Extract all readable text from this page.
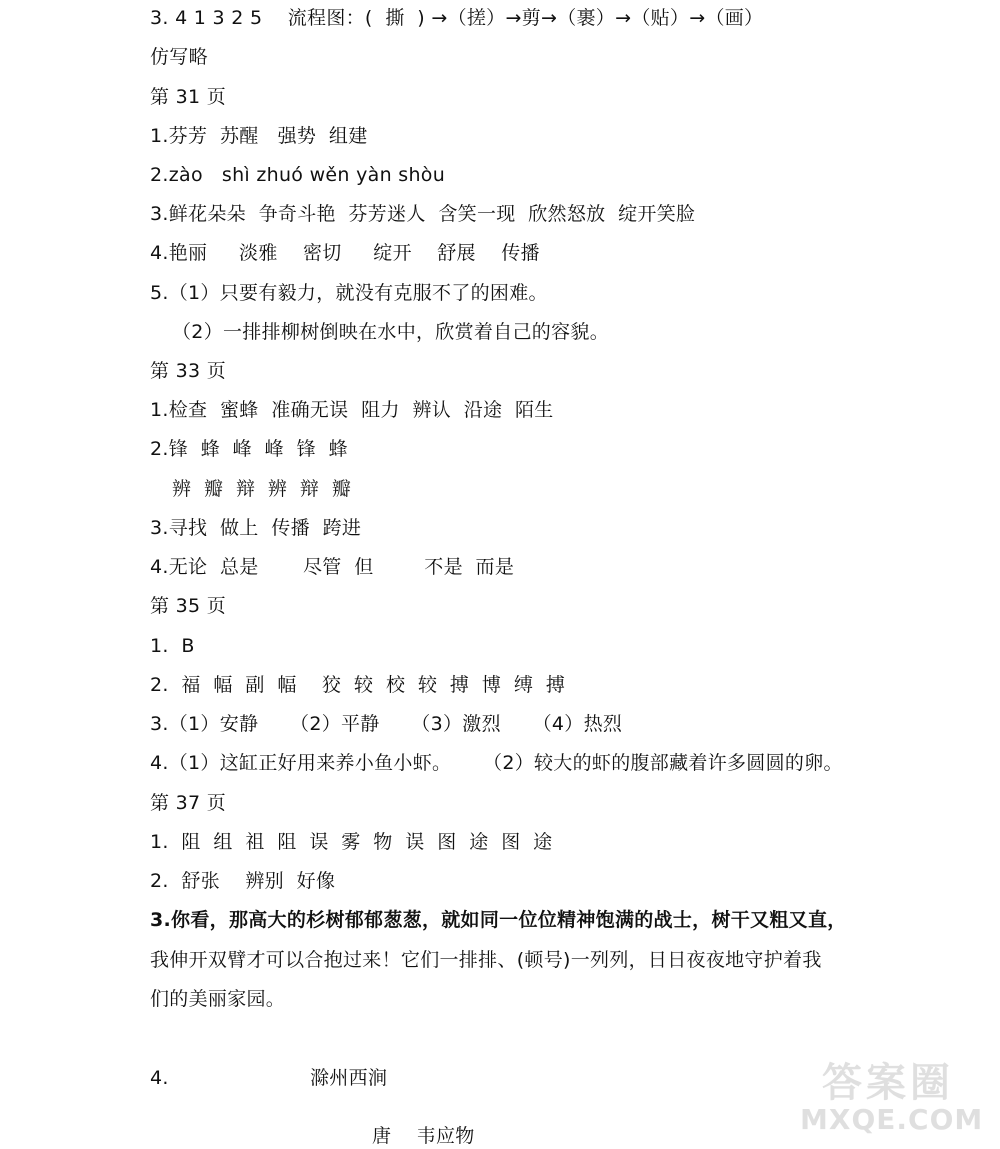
3. 4 1 3 2 5    流程图：(  撕  ) →（搓）→剪→（裹）→（贴）→（画）
仿写略
第 31 页
1.芬芳  苏醒   强势  组建
2.zào   shì zhuó wěn yàn shòu
3.鲜花朵朵  争奇斗艳  芬芳迷人  含笑一现  欣然怒放  绽开笑脸
4.艳丽     淡雅    密切     绽开    舒展    传播
5.（1）只要有毅力，就没有克服不了的困难。
（2）一排排柳树倒映在水中，欣赏着自己的容貌。
第 33 页
1.检查  蜜蜂  准确无误  阻力  辨认  沿途  陌生
2.锋  蜂  峰  峰  锋  蜂
辨  瓣  辩  辨  辩  瓣
3.寻找  做上  传播  跨进
4.无论  总是       尽管  但        不是  而是
第 35 页
1.  B
2.  福  幅  副  幅    狡  较  校  较  搏  博  缚  搏
3.（1）安静     （2）平静     （3）激烈     （4）热烈
4.（1）这缸正好用来养小鱼小虾。     （2）较大的虾的腹部藏着许多圆圆的卵。
第 37 页
1.  阻  组  祖  阻  误  雾  物  误  图  途  图  途
2.  舒张    辨别  好像
3.你看，那高大的杉树郁郁葱葱，就如同一位位精神饱满的战士，树干又粗又直，
我伸开双臂才可以合抱过来！它们一排排、(顿号)一列列，日日夜夜地守护着我
们的美丽家园。
4.	滁州西涧
唐    韦应物
答案圈
MXQE.COM
